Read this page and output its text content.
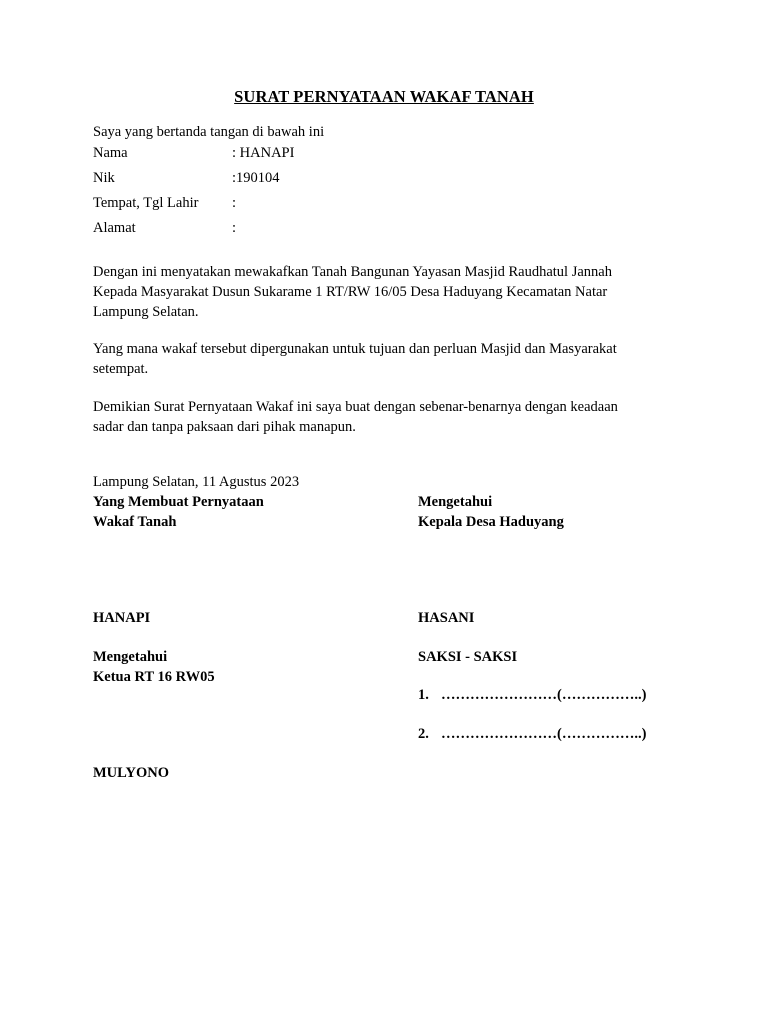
SURAT PERNYATAAN WAKAF TANAH
Saya yang bertanda tangan di bawah ini
Nama	: HANAPI
Nik	:190104
Tempat, Tgl Lahir :
Alamat	:
Dengan ini menyatakan mewakafkan Tanah Bangunan Yayasan Masjid Raudhatul Jannah
Kepada Masyarakat Dusun Sukarame 1 RT/RW 16/05 Desa Haduyang Kecamatan Natar
Lampung Selatan.
Yang mana wakaf tersebut dipergunakan untuk tujuan dan perluan Masjid dan Masyarakat
setempat.
Demikian Surat Pernyataan Wakaf ini saya buat dengan sebenar-benarnya dengan keadaan
sadar dan tanpa paksaan dari pihak manapun.
Lampung Selatan, 11 Agustus 2023
Yang Membuat Pernyataan
Wakaf Tanah
Mengetahui
Kepala Desa Haduyang
HANAPI	HASANI
Mengetahui
Ketua RT 16 RW05
SAKSI - SAKSI
1. ……………………(……………..)
2. ……………………(……………..)
MULYONO
